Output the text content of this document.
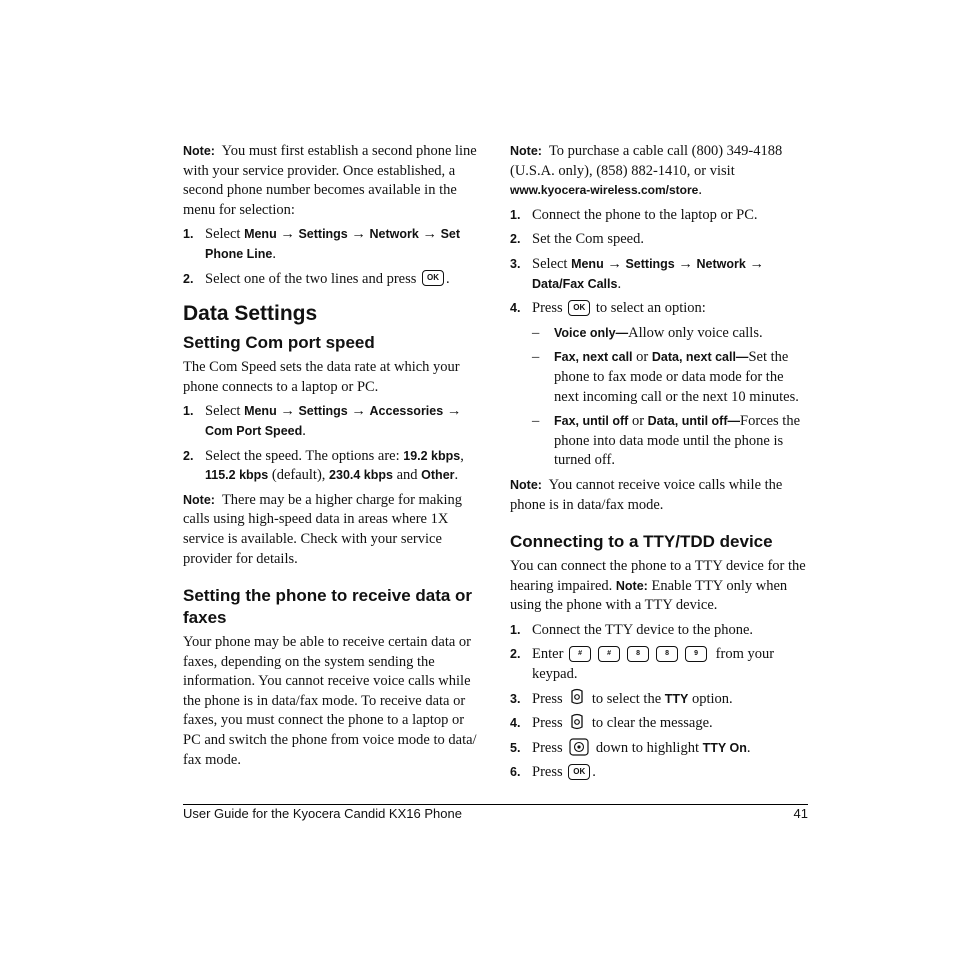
Note: You must first establish a second phone line with your service provider. Once established, a second phone number becomes available in the menu for selection:

1. Select Menu → Settings → Network → Set Phone Line.
2. Select one of the two lines and press OK .
Data Settings
Setting Com port speed

The Com Speed sets the data rate at which your phone connects to a laptop or PC.

1. Select Menu → Settings → Accessories → Com Port Speed.
2. Select the speed. The options are: 19.2 kbps, 115.2 kbps (default), 230.4 kbps and Other.

Note: There may be a higher charge for making calls using high-speed data in areas where 1X service is available. Check with your service provider for details.

Setting the phone to receive data or faxes

Your phone may be able to receive certain data or faxes, depending on the system sending the information. You cannot receive voice calls while the phone is in data/fax mode. To receive data or faxes, you must connect the phone to a laptop or PC and switch the phone from voice mode to data/ fax mode.

Note: To purchase a cable call (800) 349-4188 (U.S.A. only), (858) 882-1410, or visit www.kyocera-wireless.com/store.

1. Connect the phone to the laptop or PC.
2. Set the Com speed.
3. Select Menu → Settings → Network → Data/Fax Calls.
4. Press OK to select an option:
– Voice only—Allow only voice calls.
– Fax, next call or Data, next call—Set the phone to fax mode or data mode for the next incoming call or the next 10 minutes.
– Fax, until off or Data, until off—Forces the phone into data mode until the phone is turned off.

Note: You cannot receive voice calls while the phone is in data/fax mode.

Connecting to a TTY/TDD device

You can connect the phone to a TTY device for the hearing impaired. Note: Enable TTY only when using the phone with a TTY device.

1. Connect the TTY device to the phone.
2. Enter #	#	8	8	9 from your keypad.
3. Press to select the TTY option.
4. Press to clear the message.
5. Press down to highlight TTY On.
6. Press OK .
User Guide for the Kyocera Candid KX16 Phone	41
